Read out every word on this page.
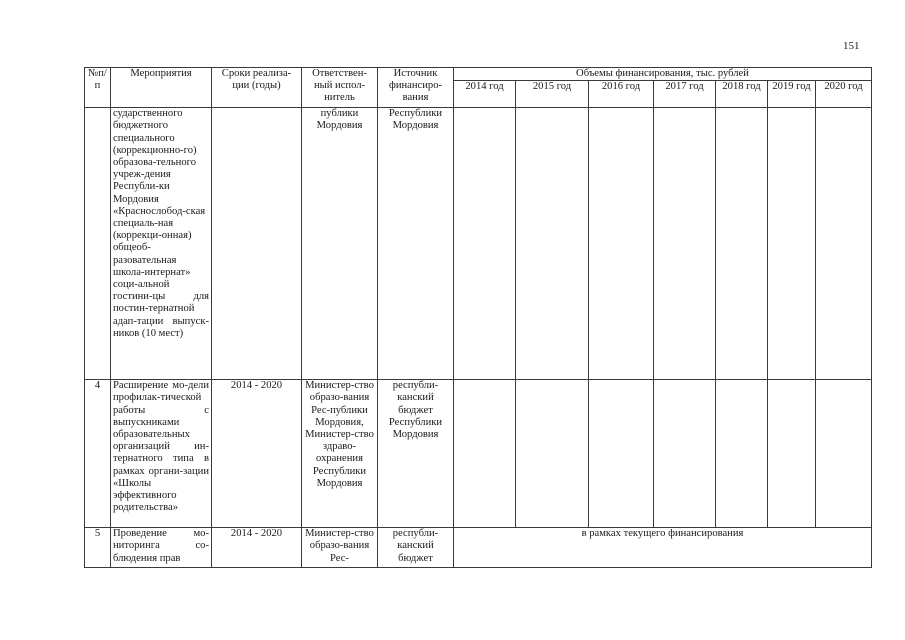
151
№п/п	Мероприятия	Сроки реализа-ции (годы)	Ответствен-ный испол-нитель	Источник финансиро-вания	Объемы финансирования, тыс. рублей						
					2014 год	2015 год	2016 год	2017 год	2018 год	2019 год	2020 год
	сударственного бюджетного специального (коррекционно-го) образова-тельного учреж-дения Республи-ки Мордовия «Краснослобод-ская специаль-ная (коррекци-онная) общеоб-разовательная школа-интернат» соци-альной гостини-цы для постин-тернатной адап-тации выпуск-ников (10 мест)		публики Мордовия	Республики Мордовия							
4	Расширение мо-дели профилак-тической работы с выпускниками образовательных организаций ин-тернатного типа в рамках органи-зации «Школы эффективного родительства»	2014 - 2020	Министер-ство образо-вания Рес-публики Мордовия, Министер-ство здраво-охранения Республики Мордовия	республи-канский бюджет Республики Мордовия							
5	Проведение мо-ниторинга со-блюдения прав	2014 - 2020	Министер-ство образо-вания Рес-	республи-канский бюджет	в рамках текущего финансирования						
